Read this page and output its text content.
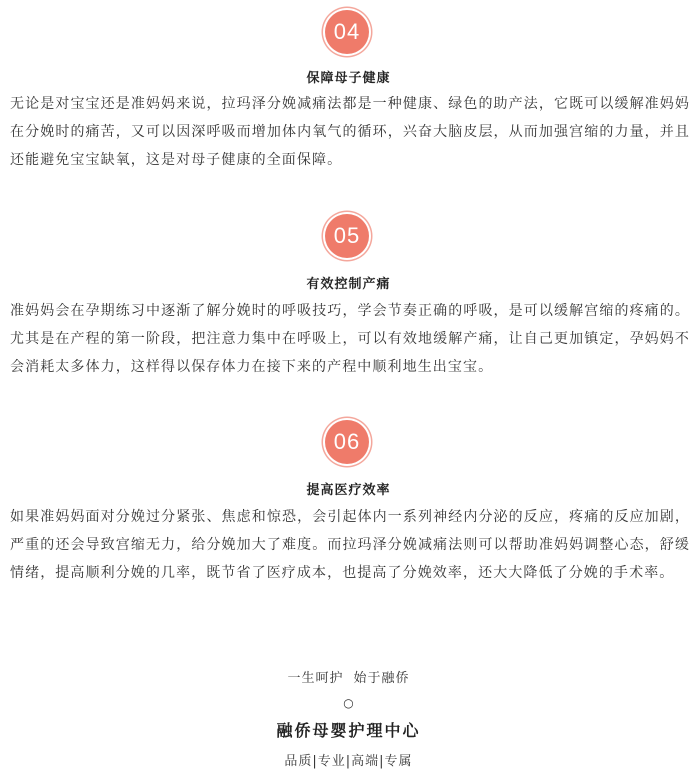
04
保障母子健康
无论是对宝宝还是准妈妈来说，拉玛泽分娩减痛法都是一种健康、绿色的助产法，它既可以缓解准妈妈在分娩时的痛苦，又可以因深呼吸而增加体内氧气的循环，兴奋大脑皮层，从而加强宫缩的力量，并且还能避免宝宝缺氧，这是对母子健康的全面保障。
05
有效控制产痛
准妈妈会在孕期练习中逐渐了解分娩时的呼吸技巧，学会节奏正确的呼吸，是可以缓解宫缩的疼痛的。尤其是在产程的第一阶段，把注意力集中在呼吸上，可以有效地缓解产痛，让自己更加镇定，孕妈妈不会消耗太多体力，这样得以保存体力在接下来的产程中顺利地生出宝宝。
06
提高医疗效率
如果准妈妈面对分娩过分紧张、焦虑和惊恐，会引起体内一系列神经内分泌的反应，疼痛的反应加剧，严重的还会导致宫缩无力，给分娩加大了难度。而拉玛泽分娩减痛法则可以帮助准妈妈调整心态，舒缓情绪，提高顺利分娩的几率，既节省了医疗成本，也提高了分娩效率，还大大降低了分娩的手术率。
一生呵护 始于融侨
○
融侨母婴护理中心
品质|专业|高端|专属
